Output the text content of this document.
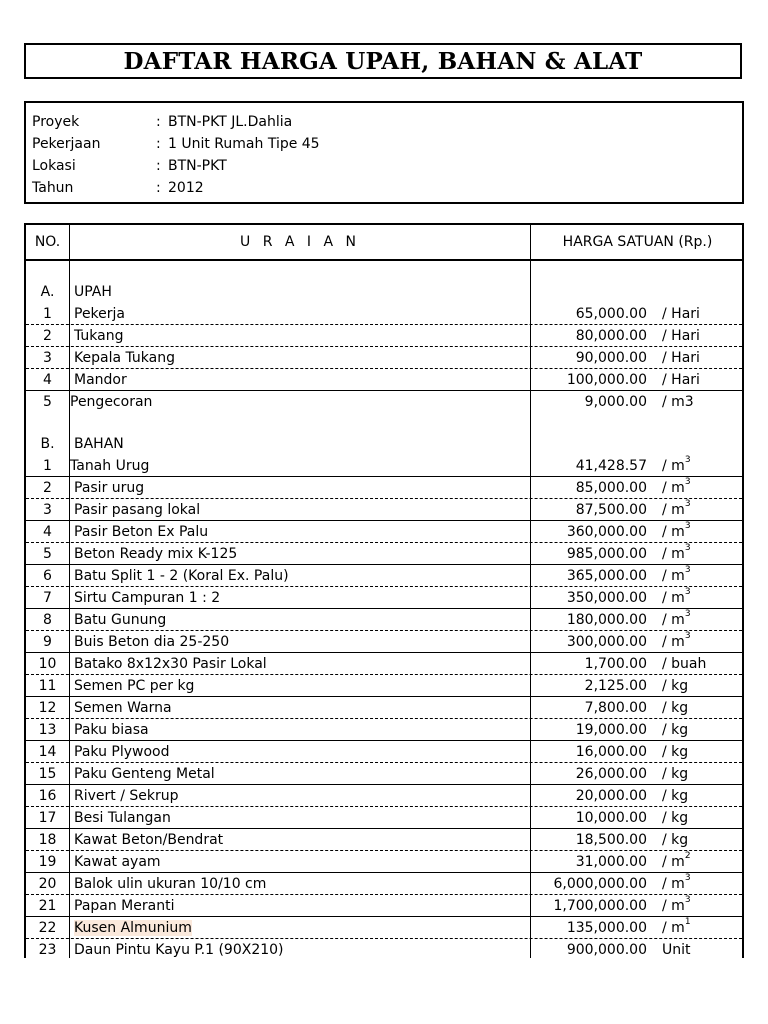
DAFTAR HARGA UPAH, BAHAN & ALAT
Proyek	: BTN-PKT JL.Dahlia
Pekerjaan	: 1 Unit Rumah Tipe 45
Lokasi	: BTN-PKT
Tahun	: 2012
NO.	U R A I A N	HARGA SATUAN (Rp.)
A.	UPAH
1	Pekerja	65,000.00 / Hari
2	Tukang	80,000.00 / Hari
3	Kepala Tukang	90,000.00 / Hari
4	Mandor	100,000.00 / Hari
5	Pengecoran	9,000.00 / m3
B.	BAHAN
1	Tanah Urug	$41,428.57 / m^3$
2	Pasir urug	$85,000.00 / m^3$
3	Pasir pasang lokal	$87,500.00 / m^3$
4	Pasir Beton Ex Palu	$360,000.00 / m^3$
5	Beton Ready mix K-125	$985,000.00 / m^3$
6	Batu Split 1 - 2 (Koral Ex. Palu)	$365,000.00 / m^3$
7	Sirtu Campuran 1 : 2	$350,000.00 / m^3$
8	Batu Gunung	$180,000.00 / m^3$
9	Buis Beton dia 25-250	$300,000.00 / m^3$
10	Batako 8x12x30 Pasir Lokal	1,700.00 / buah
11	Semen PC per kg	2,125.00 / kg
12	Semen Warna	7,800.00 / kg
13	Paku biasa	19,000.00 / kg
14	Paku Plywood	16,000.00 / kg
15	Paku Genteng Metal	26,000.00 / kg
16	Rivert / Sekrup	20,000.00 / kg
17	Besi Tulangan	10,000.00 / kg
18	Kawat Beton/Bendrat	18,500.00 / kg
19	Kawat ayam	$31,000.00 / m^2$
20	Balok ulin ukuran 10/10 cm	$6,000,000.00 / m^3$
21	Papan Meranti	$1,700,000.00 / m^3$
22	Kusen Almunium	$135,000.00 / m^1$
23	Daun Pintu Kayu P.1 (90X210)	900,000.00 Unit
